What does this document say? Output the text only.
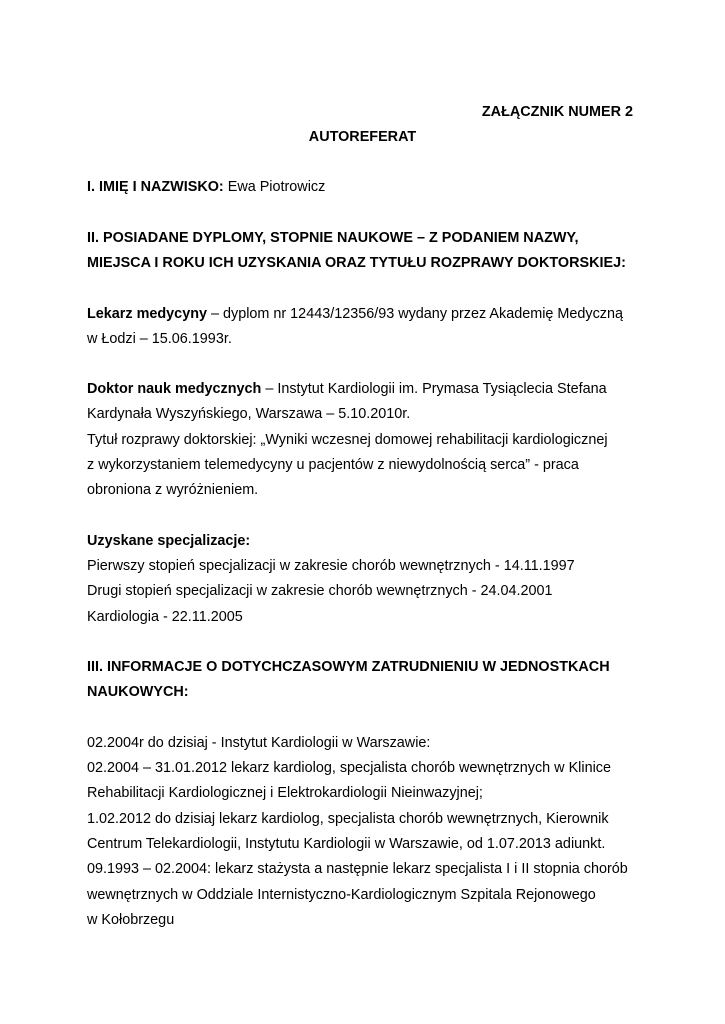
ZAŁĄCZNIK NUMER 2
AUTOREFERAT
I. IMIĘ I NAZWISKO: Ewa Piotrowicz
II. POSIADANE DYPLOMY, STOPNIE NAUKOWE – Z PODANIEM NAZWY,
MIEJSCA I ROKU ICH UZYSKANIA ORAZ TYTUŁU ROZPRAWY DOKTORSKIEJ:
Lekarz medycyny – dyplom nr 12443/12356/93 wydany przez Akademię Medyczną
w Łodzi – 15.06.1993r.
Doktor nauk medycznych – Instytut Kardiologii im. Prymasa Tysiąclecia Stefana
Kardynała Wyszyńskiego, Warszawa – 5.10.2010r.
Tytuł rozprawy doktorskiej: „Wyniki wczesnej domowej rehabilitacji kardiologicznej
z wykorzystaniem telemedycyny u pacjentów z niewydolnością serca” - praca
obroniona z wyróżnieniem.
Uzyskane specjalizacje:
Pierwszy stopień specjalizacji w zakresie chorób wewnętrznych - 14.11.1997
Drugi stopień specjalizacji w zakresie chorób wewnętrznych - 24.04.2001
Kardiologia - 22.11.2005
III. INFORMACJE O DOTYCHCZASOWYM ZATRUDNIENIU W JEDNOSTKACH
NAUKOWYCH:
02.2004r do dzisiaj - Instytut Kardiologii w Warszawie:
02.2004 – 31.01.2012 lekarz kardiolog, specjalista chorób wewnętrznych w Klinice
Rehabilitacji Kardiologicznej i Elektrokardiologii Nieinwazyjnej;
1.02.2012 do dzisiaj lekarz kardiolog, specjalista chorób wewnętrznych, Kierownik
Centrum Telekardiologii, Instytutu Kardiologii w Warszawie, od 1.07.2013 adiunkt.
09.1993 – 02.2004: lekarz stażysta a następnie lekarz specjalista I i II stopnia chorób
wewnętrznych w Oddziale Internistyczno-Kardiologicznym Szpitala Rejonowego
w Kołobrzegu
